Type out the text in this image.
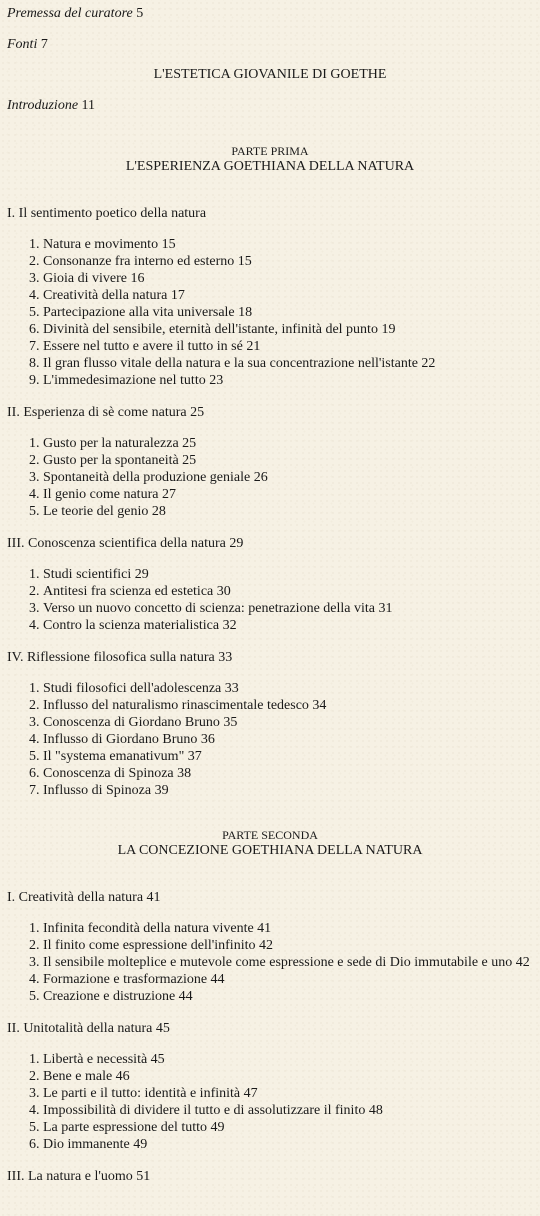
Premessa del curatore 5

Fonti 7

L'ESTETICA GIOVANILE DI GOETHE

Introduzione 11

PARTE PRIMA
L'ESPERIENZA GOETHIANA DELLA NATURA

I. Il sentimento poetico della natura

1. Natura e movimento 15
2. Consonanze fra interno ed esterno 15
3. Gioia di vivere 16
4. Creatività della natura 17
5. Partecipazione alla vita universale 18
6. Divinità del sensibile, eternità dell'istante, infinità del punto 19
7. Essere nel tutto e avere il tutto in sé 21
8. Il gran flusso vitale della natura e la sua concentrazione nell'istante 22
9. L'immedesimazione nel tutto 23

II. Esperienza di sè come natura 25

1. Gusto per la naturalezza 25
2. Gusto per la spontaneità 25
3. Spontaneità della produzione geniale 26
4. Il genio come natura 27
5. Le teorie del genio 28

III. Conoscenza scientifica della natura 29

1. Studi scientifici 29
2. Antitesi fra scienza ed estetica 30
3. Verso un nuovo concetto di scienza: penetrazione della vita 31
4. Contro la scienza materialistica 32

IV. Riflessione filosofica sulla natura 33

1. Studi filosofici dell'adolescenza 33
2. Influsso del naturalismo rinascimentale tedesco 34
3. Conoscenza di Giordano Bruno 35
4. Influsso di Giordano Bruno 36
5. Il "systema emanativum" 37
6. Conoscenza di Spinoza 38
7. Influsso di Spinoza 39
PARTE SECONDA
LA CONCEZIONE GOETHIANA DELLA NATURA

I. Creatività della natura 41

1. Infinita fecondità della natura vivente 41
2. Il finito come espressione dell'infinito 42
3. Il sensibile molteplice e mutevole come espressione e sede di Dio immutabile e uno 42
4. Formazione e trasformazione 44
5. Creazione e distruzione 44

II. Unitotalità della natura 45

1. Libertà e necessità 45
2. Bene e male 46
3. Le parti e il tutto: identità e infinità 47
4. Impossibilità di dividere il tutto e di assolutizzare il finito 48
5. La parte espressione del tutto 49
6. Dio immanente 49

III. La natura e l'uomo 51
